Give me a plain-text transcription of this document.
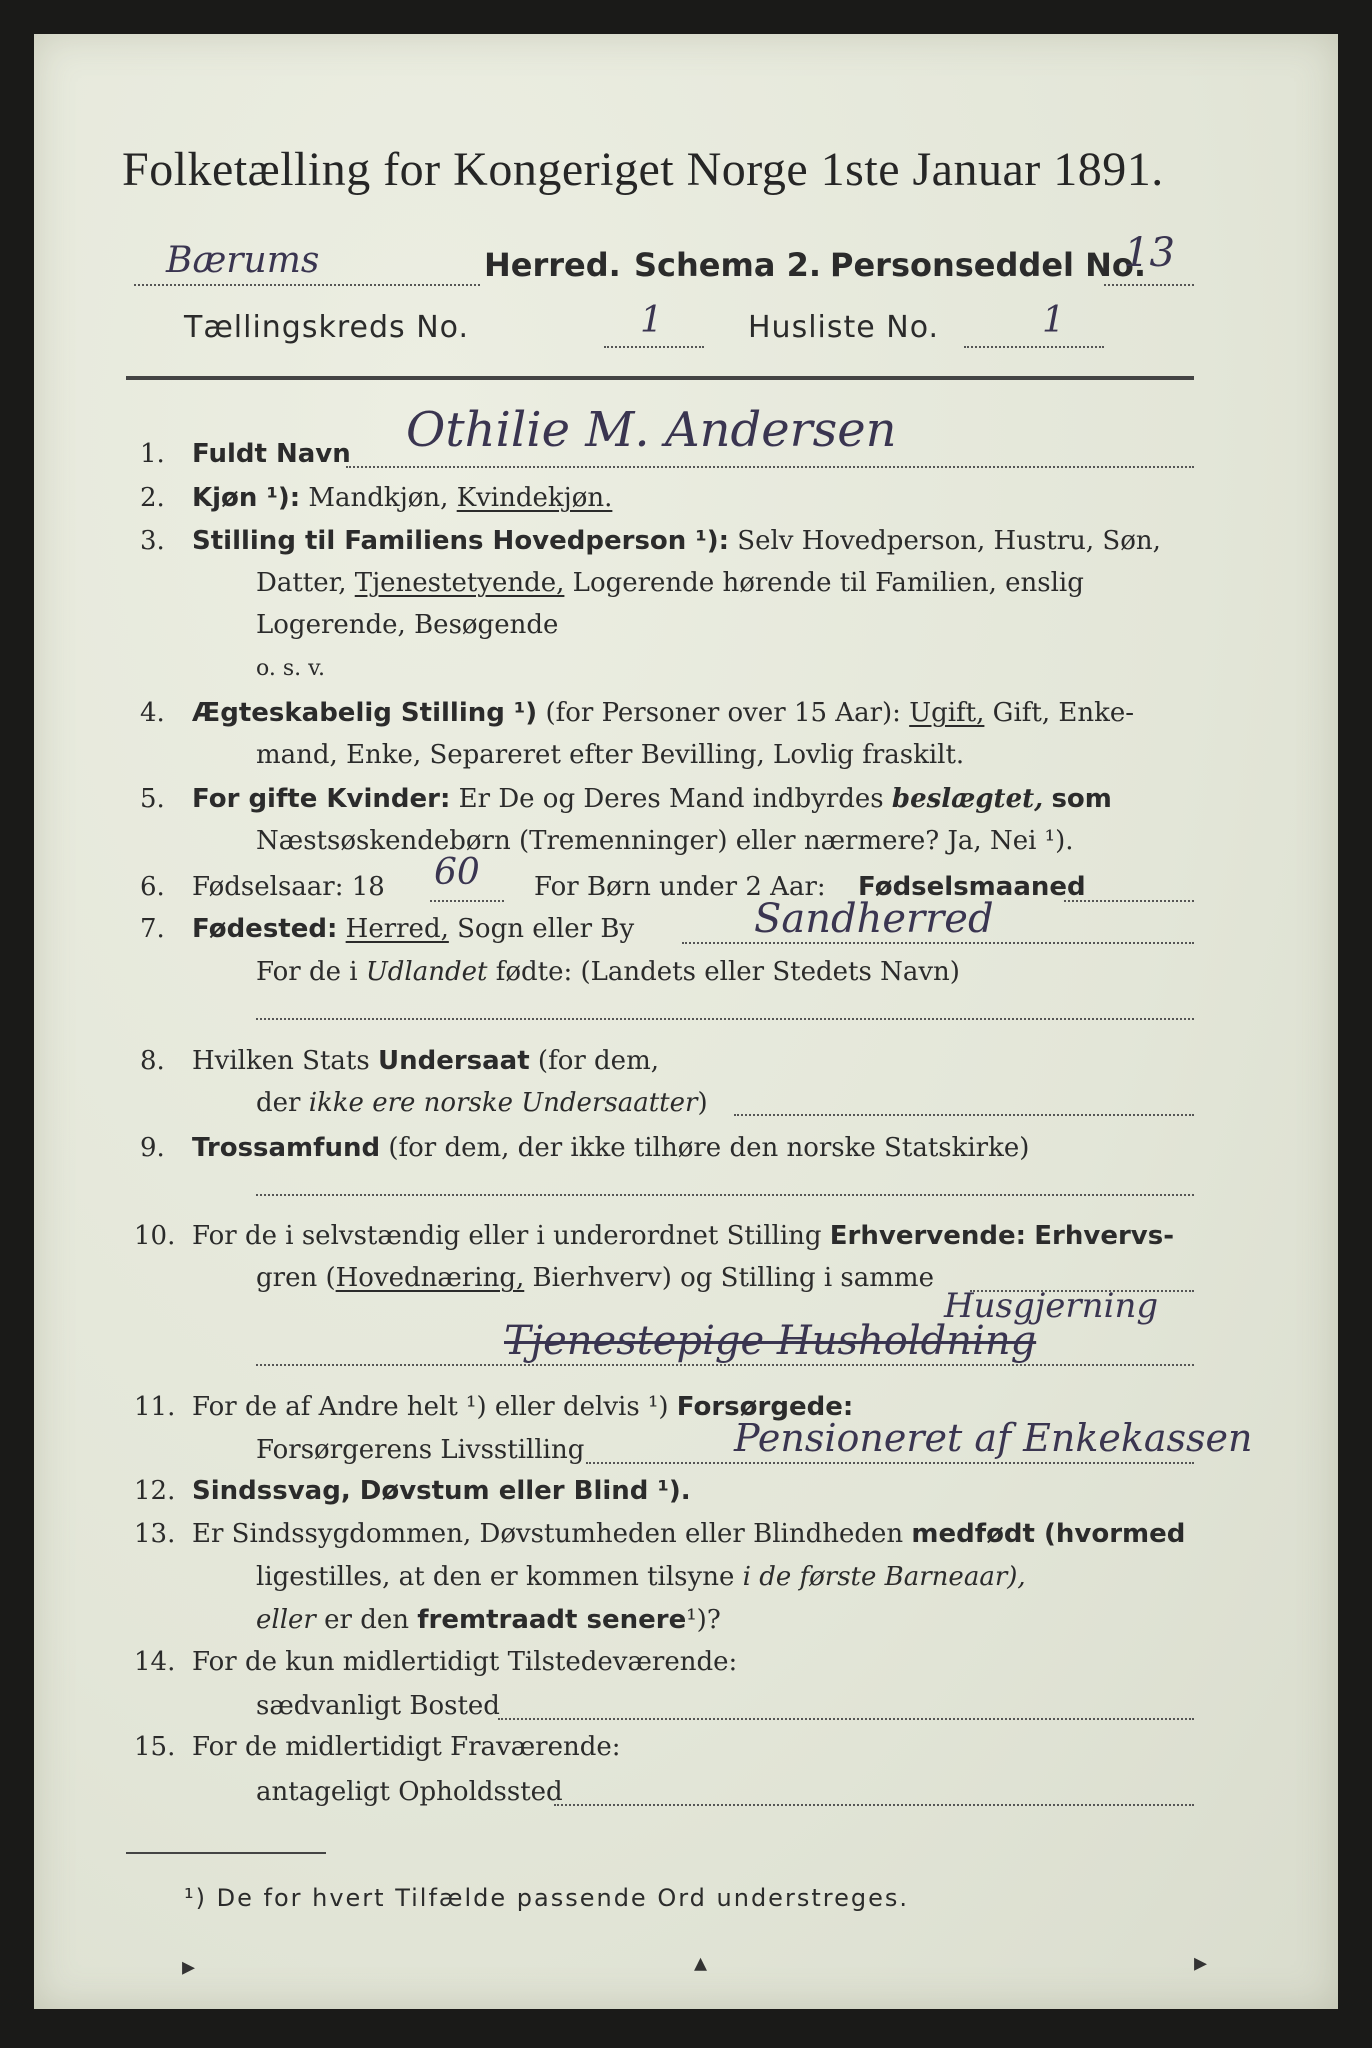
Folketælling for Kongeriget Norge 1ste Januar 1891.
Bærums	Herred. Schema 2. Personseddel No.
13
Tællingskreds No.	1	Husliste No.	1
1. Fuldt Navn Othilie M. Andersen
2. Kjøn ¹): Mandkjøn, Kvindekjøn.
3. Stilling til Familiens Hovedperson ¹): Selv Hovedperson, Hustru, Søn,
Datter, Tjenestetyende, Logerende hørende til Familien, enslig
Logerende, Besøgende
o. s. v.
4. Ægteskabelig Stilling ¹) (for Personer over 15 Aar): Ugift, Gift, Enke-
mand, Enke, Separeret efter Bevilling, Lovlig fraskilt.
5. For gifte Kvinder: Er De og Deres Mand indbyrdes beslægtet, som
Næstsøskendebørn (Tremenninger) eller nærmere? Ja, Nei ¹).
6. Fødselsaar: 18 60 For Børn under 2 Aar: Fødselsmaaned
7. Fødested: Herred, Sogn eller By	Sandherred
For de i Udlandet fødte: (Landets eller Stedets Navn)
8. Hvilken Stats Undersaat (for dem,
der ikke ere norske Undersaatter)
9. Trossamfund (for dem, der ikke tilhøre den norske Statskirke)
10. For de i selvstændig eller i underordnet Stilling Erhvervende: Erhvervs-
gren (Hovednæring, Bierhverv) og Stilling i samme
Husgjerning
Tjenestepige Husholdning
11. For de af Andre helt ¹) eller delvis ¹) Forsørgede:
Forsørgerens Livsstilling	Pensioneret af Enkekassen
12. Sindssvag, Døvstum eller Blind ¹).
13. Er Sindssygdommen, Døvstumheden eller Blindheden medfødt (hvormed
ligestilles, at den er kommen tilsyne i de første Barneaar),
eller er den fremtraadt senere¹)?
14. For de kun midlertidigt Tilstedeværende:
sædvanligt Bosted
15. For de midlertidigt Fraværende:
antageligt Opholdssted
¹) De for hvert Tilfælde passende Ord understreges.
▸	▴	▸
